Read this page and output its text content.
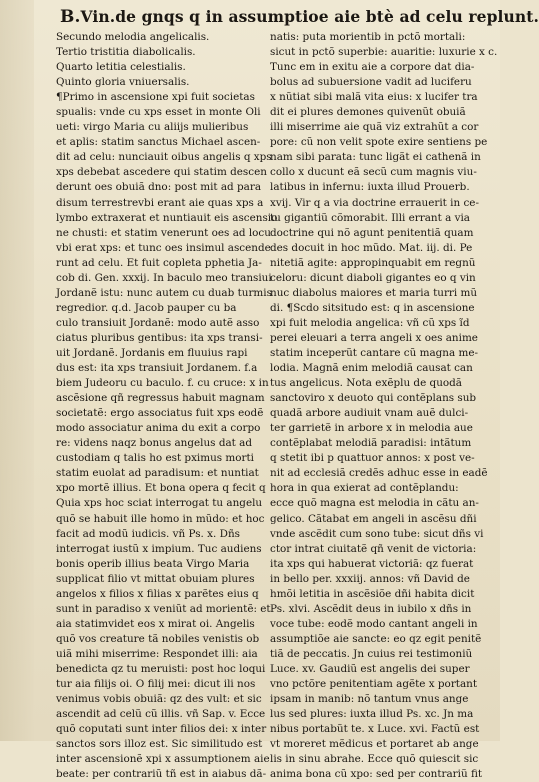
B.Vin.de gnqs q in assumptioe aie btè ad celu replunt.
Secundo melodia angelicalis.
Tertio tristitia diabolicalis.
Quarto letitia celestialis.
Quinto gloria vniuersalis.
¶Primo in ascensione xpi fuit societas
spualis: vnde cu xps esset in monte Oli
ueti: virgo Maria cu aliijs mulieribus
et aplis: statim sanctus Michael ascen-
dit ad celu: nunciauit oibus angelis q xps
xps debebat ascedere qui statim descen
derunt oes obuiã dno: post mit ad para
disum terrestrevbi erant aie quas xps a
lymbo extraxerat et nuntiauit eis ascensio
ne chusti: et statim venerunt oes ad locu
vbi erat xps: et tunc oes insimul ascende
runt ad celu. Et fuit copleta pphetia Ja-
cob di. Gen. xxxij. In baculo meo transiui
Jordanẽ istu: nunc autem cu duab turmis
regredior. q.d. Jacob pauper cu ba
culo transiuit Jordanẽ: modo autẽ asso
ciatus pluribus gentibus: ita xps transi-
uit Jordanẽ. Jordanis em fluuius rapi
dus est: ita xps transiuit Jordanem. f.a
biem Judeoru cu baculo. f. cu cruce: x in
ascẽsione qñ regressus habuit magnam
societatẽ: ergo associatus fuit xps eodẽ
modo associatur anima du exit a corpo
re: videns naqz bonus angelus dat ad
custodiam q talis ho est pximus morti
statim euolat ad paradisum: et nuntiat
xpo mortẽ illius. Et bona opera q fecit q
Quia xps hoc sciat interrogat tu angelu
quõ se habuit ille homo in mũdo: et hoc
facit ad modũ iudicis. vñ Ps. x. Dñs
interrogat iustũ x impium. Tuc audiens
bonis operib illius beata Virgo Maria
supplicat filio vt mittat obuiam plures
angelos x filios x filias x parẽtes eius q
sunt in paradiso x veniũt ad morientẽ: et
aia statimvidet eos x mirat oi. Angelis
quõ vos creature tã nobiles venistis ob
uiã mihi miserrime: Respondet illi: aia
benedicta qz tu meruisti: post hoc loqui
tur aia filijs oi. O filij mei: dicut ili nos
venimus vobis obuiã: qz des vult: et sic
ascendit ad celũ cũ illis. vñ Sap. v. Ecce
quõ coputati sunt inter filios dei: x inter
sanctos sors illoz est. Sic similitudo est
inter ascensionẽ xpi x assumptionem aie
beate: per contrariũ tñ est in aiabus dã-
natis: puta morientib in pctõ mortali:
sicut in pctõ superbie: auaritie: luxurie x c.
Tunc em in exitu aie a corpore dat dia-
bolus ad subuersione vadit ad luciferu
x nũtiat sibi malã vita eius: x lucifer tra
dit ei plures demones quivenũt obuiã
illi miserrime aie quã viz extrahũt a cor
pore: cũ non velit spote exire sentiens pe
nam sibi parata: tunc ligãt ei cathenã in
collo x ducunt eã secũ cum magnis viu-
latibus in infernu: iuxta illud Prouerb.
xvij. Vir q a via doctrine errauerit in ce-
tu gigantiũ cõmorabit. Illi errant a via
doctrine qui nõ agunt penitentiã quam
des docuit in hoc mũdo. Mat. iij. di. Pe
nitetiã agite: appropinquabit em regnũ
celoru: dicunt diaboli gigantes eo q vin
nuc diabolus maiores et maria turri mũ
di. ¶Scdo sitsitudo est: q in ascensione
xpi fuit melodia angelica: vñ cũ xps ĩd
perei eleuari a terra angeli x oes anime
statim inceperũt cantare cũ magna me-
lodia. Magnã enim melodiã causat can
tus angelicus. Nota exẽplu de quodã
sanctoviro x deuoto qui contẽplans sub
quadã arbore audiuit vnam auẽ dulci-
ter garrietẽ in arbore x in melodia aue
contẽplabat melodiã paradisi: intãtum
q stetit ibi p quattuor annos: x post ve-
nit ad ecclesiã credẽs adhuc esse in eadẽ
hora in qua exierat ad contẽplandu:
ecce quõ magna est melodia in cãtu an-
gelico. Cãtabat em angeli in ascẽsu dñi
vnde ascẽdit cum sono tube: sicut dñs vi
ctor intrat ciuitatẽ qñ venit de victoria:
ita xps qui habuerat victoriã: qz fuerat
in bello per. xxxiij. annos: vñ David de
hmõi letitia in ascẽsiõe dñi habita dicit
Ps. xlvi. Ascẽdit deus in iubilo x dñs in
voce tube: eodẽ modo cantant angeli in
assumptiõe aie sancte: eo qz egit penitẽ
tiã de peccatis. Jn cuius rei testimoniũ
Luce. xv. Gaudiũ est angelis dei super
vno pctõre penitentiam agẽte x portant
ipsam in manib: nõ tantum vnus ange
lus sed plures: iuxta illud Ps. xc. Jn ma
nibus portabũt te. x Luce. xvi. Factũ est
vt moreret mẽdicus et portaret ab ange
lis in sinu abrahe. Ecce quõ quiescit sic
anima bona cũ xpo: sed per contrariũ fit
